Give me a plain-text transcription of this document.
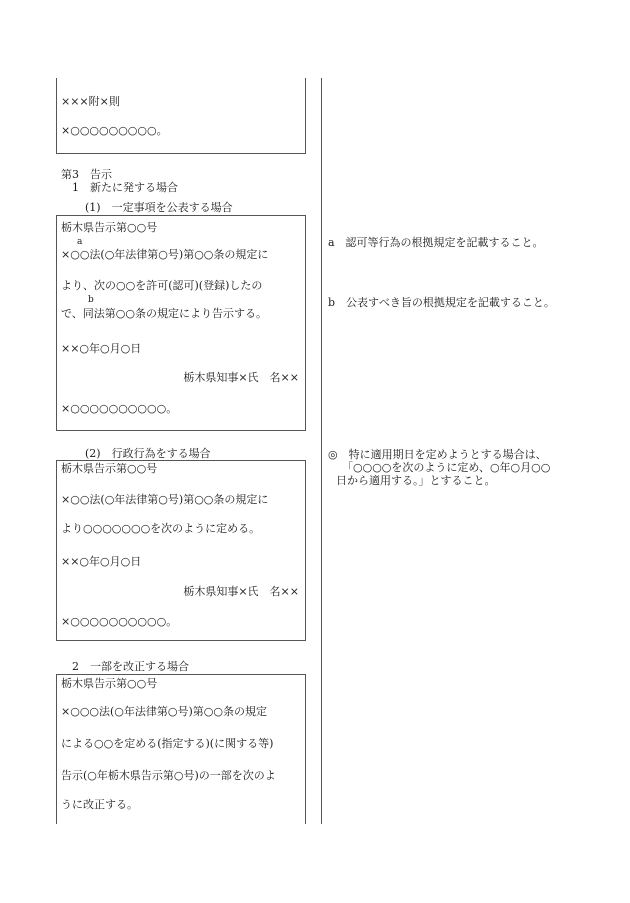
×××附×則
×○○○○○○○○○。
第3　告示
1　新たに発する場合
(1)　一定事項を公表する場合
栃木県告示第○○号
a
×○○法(○年法律第○号)第○○条の規定に
より、次の○○を許可(認可)(登録)したの
b
で、同法第○○条の規定により告示する。
××○年○月○日
栃木県知事×氏　名××
×○○○○○○○○○○。
(2)　行政行為をする場合
栃木県告示第○○号
×○○法(○年法律第○号)第○○条の規定に
より○○○○○○○を次のように定める。
××○年○月○日
栃木県知事×氏　名××
×○○○○○○○○○○。
2　一部を改正する場合
栃木県告示第○○号
×○○○法(○年法律第○号)第○○条の規定
による○○を定める(指定する)(に関する等)
告示(○年栃木県告示第○号)の一部を次のよ
うに改正する。
a　認可等行為の根拠規定を記載すること。
b　公表すべき旨の根拠規定を記載すること。
◎　特に適用期日を定めようとする場合は、
「○○○○を次のように定め、○年○月○○
日から適用する。」とすること。
